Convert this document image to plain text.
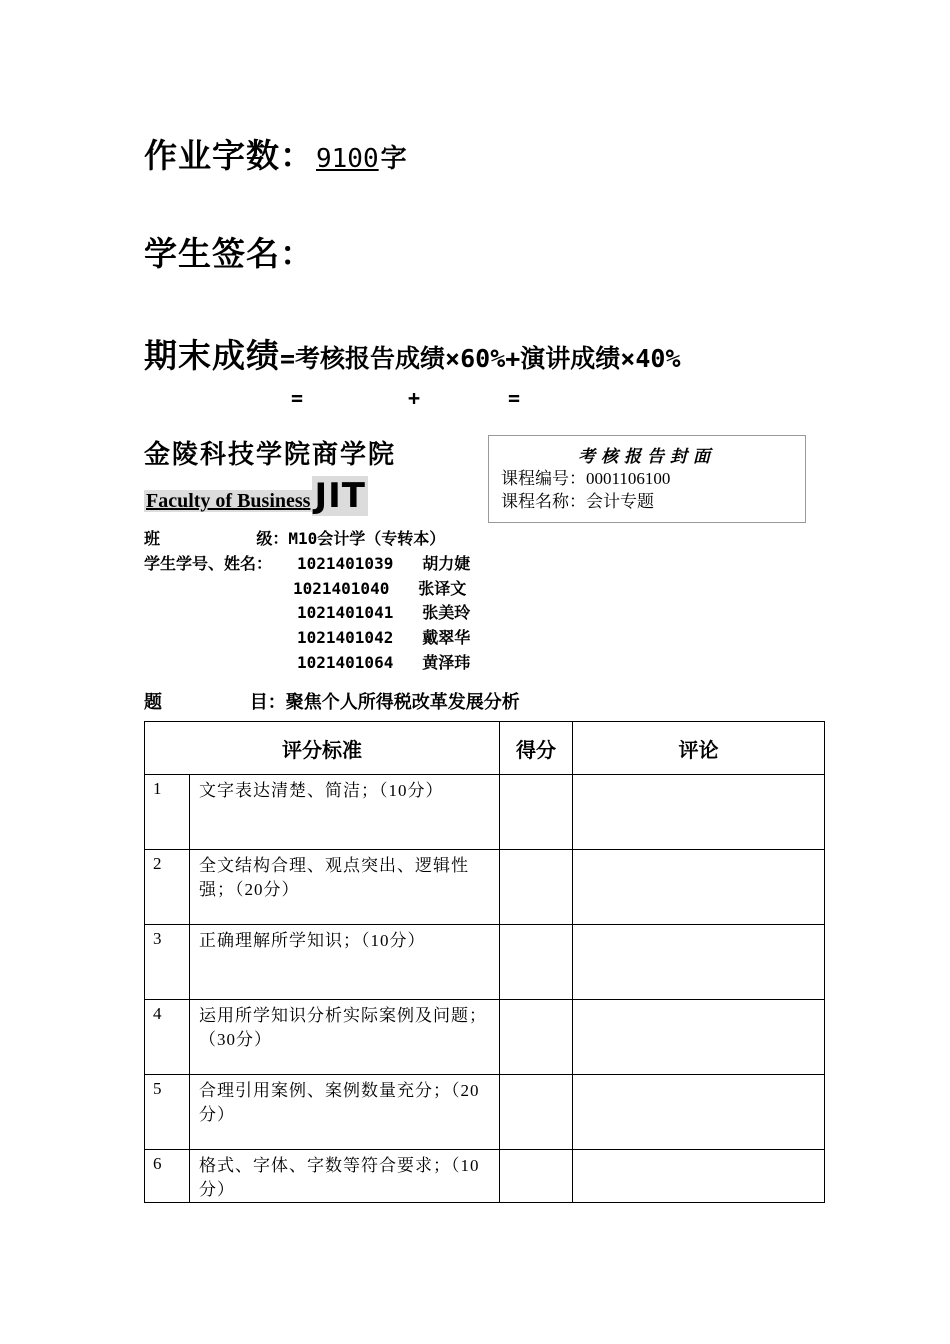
作业字数：9100字
学生签名：
期末成绩=考核报告成绩×60%+演讲成绩×40%
=	+	=
金陵科技学院商学院
Faculty of Business JIT
考核报告封面
课程编号：0001106100
课程名称：会计专题
班          级：M10会计学（专转本）
学生学号、姓名： 1021401039 胡力婕
1021401040 张译文
1021401041 张美玲
1021401042 戴翠华
1021401064 黄泽玮
题              目：聚焦个人所得税改革发展分析
评分标准		得分	评论
1	文字表达清楚、简洁；（10分）		
2	全文结构合理、观点突出、逻辑性强；（20分）		
3	正确理解所学知识；（10分）		
4	运用所学知识分析实际案例及问题；（30分）		
5	合理引用案例、案例数量充分；（20分）		
6	格式、字体、字数等符合要求；（10分）		
